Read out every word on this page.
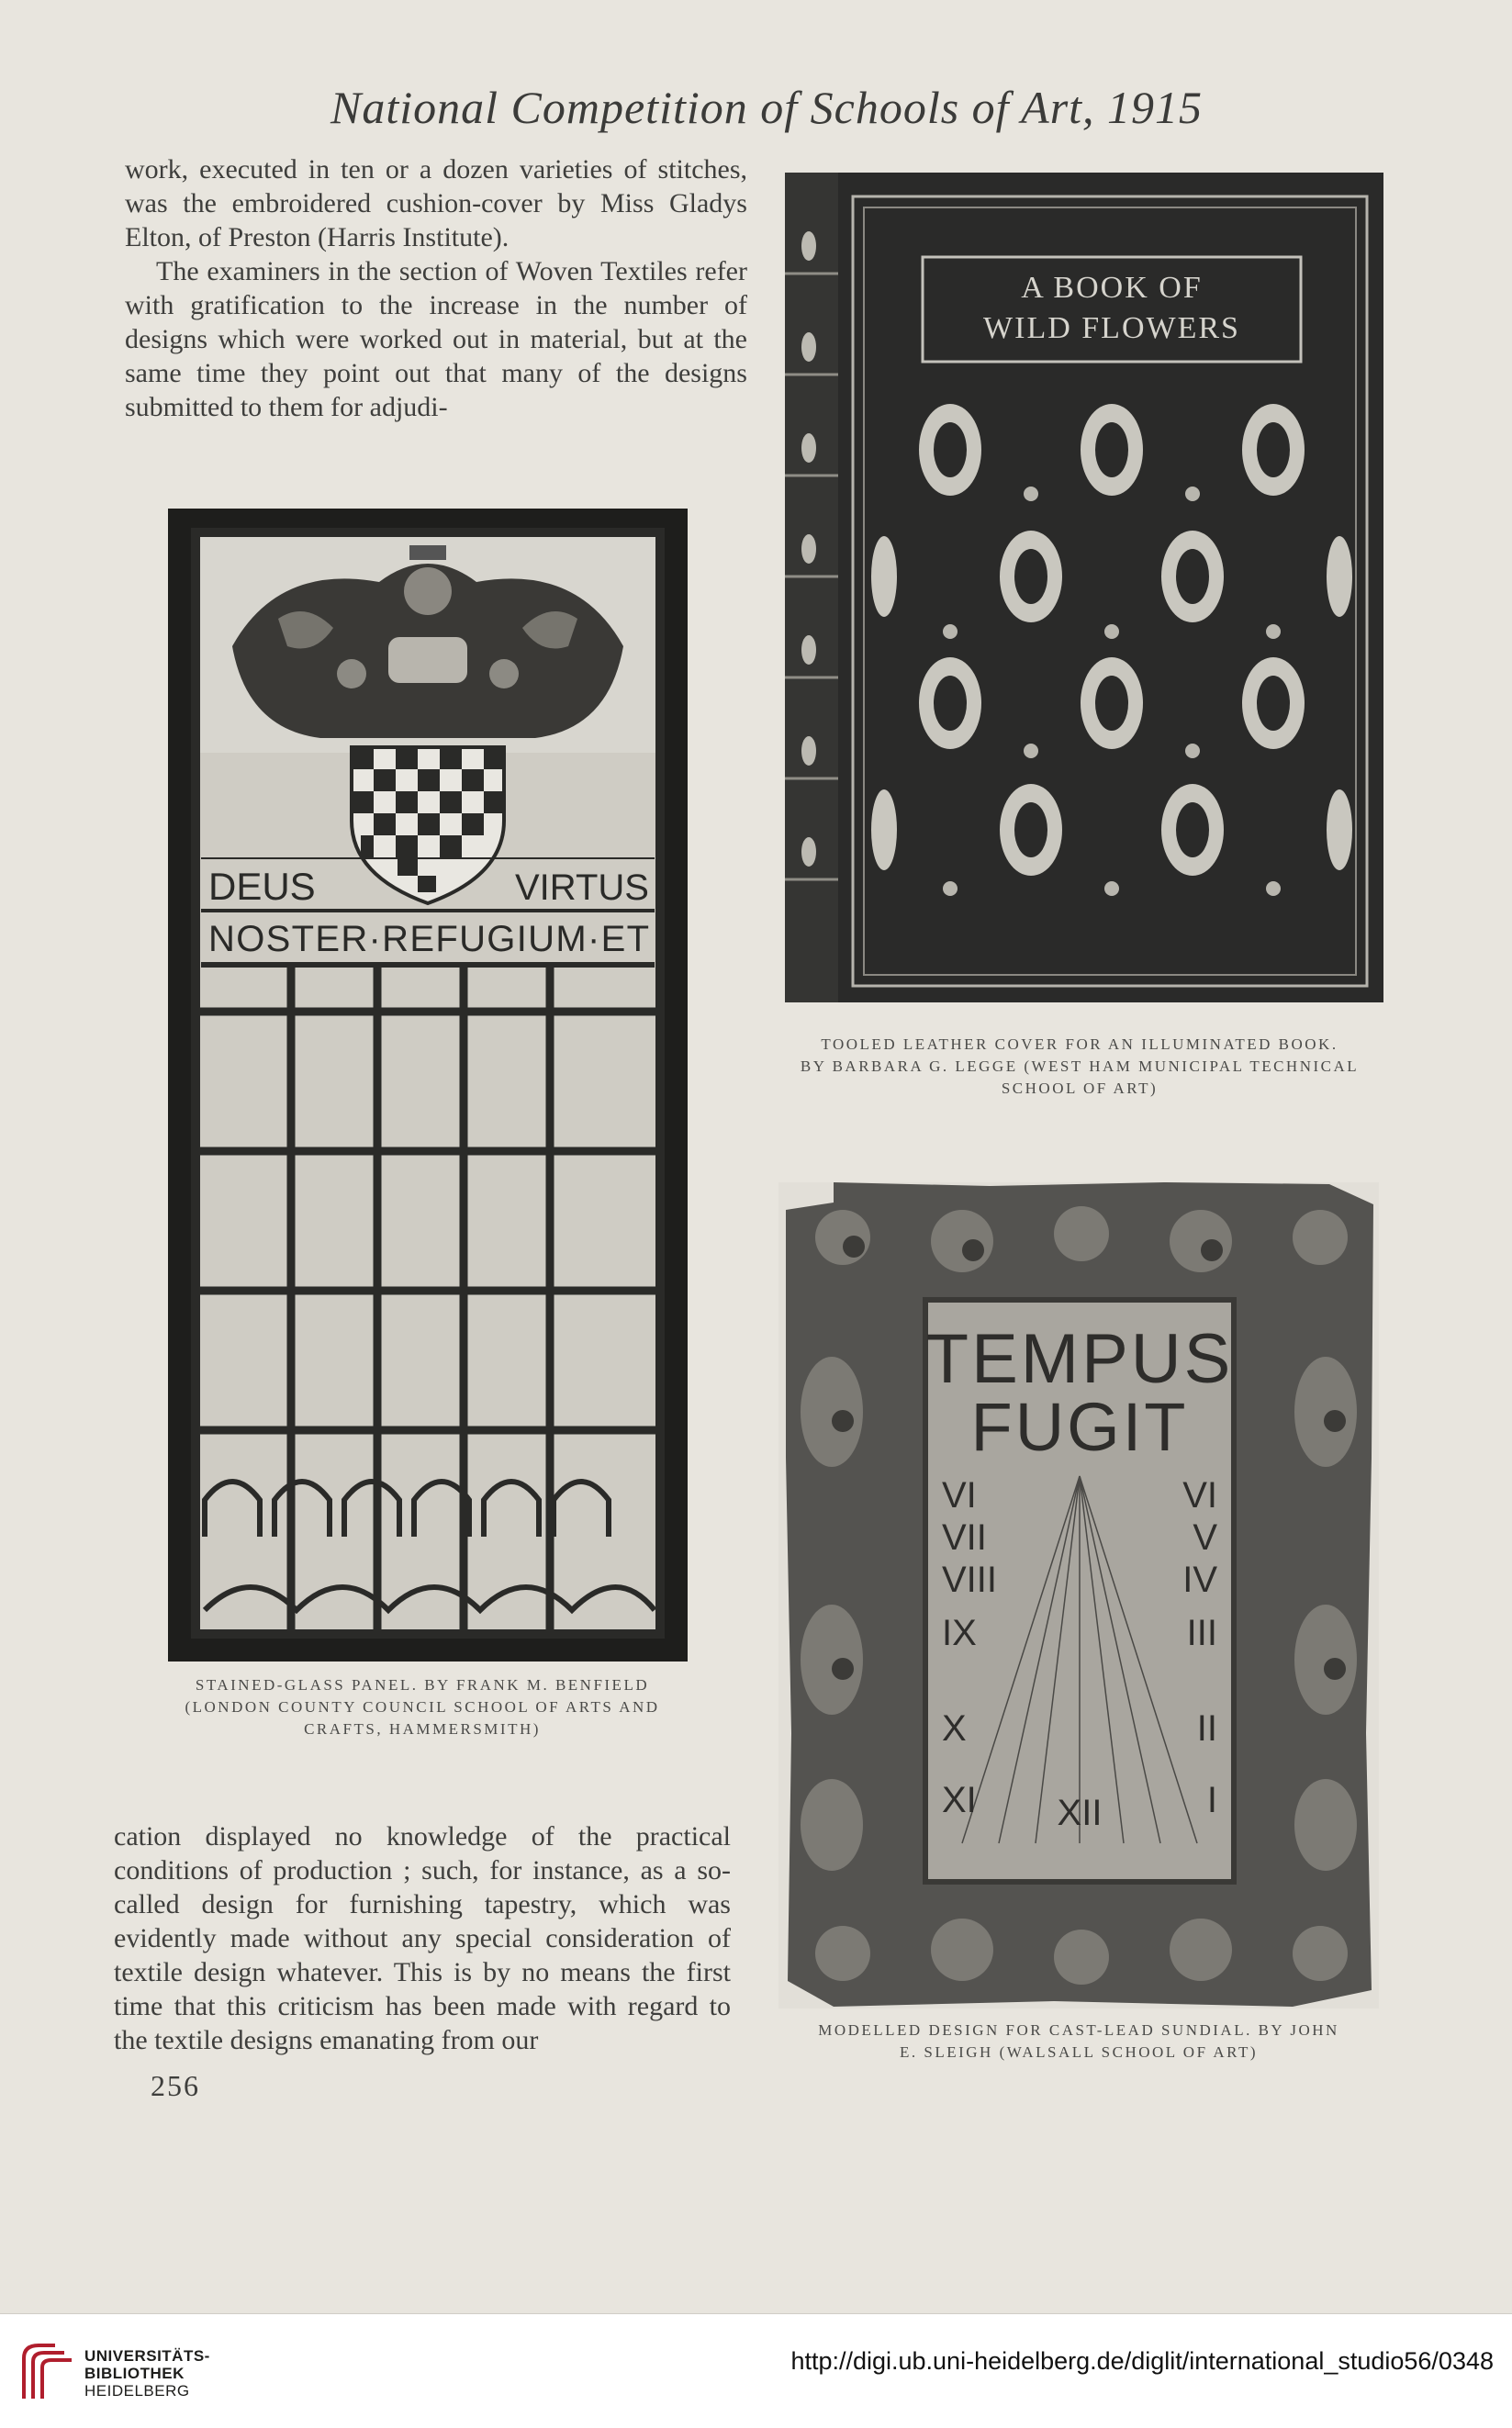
National Competition of Schools of Art, 1915

work, executed in ten or a dozen varieties of stitches, was the embroidered cushion-cover by Miss Gladys Elton, of Preston (Harris Institute).

The examiners in the section of Woven Textiles refer with gratification to the increase in the number of designs which were worked out in material, but at the same time they point out that many of the designs submitted to them for adjudi-

DEUS	VIRTUS
NOSTER·REFUGIUM·ET
STAINED-GLASS PANEL. BY FRANK M. BENFIELD
(LONDON COUNTY COUNCIL SCHOOL OF ARTS AND
CRAFTS, HAMMERSMITH)
A BOOK OF
WILD FLOWERS
TOOLED LEATHER COVER FOR AN ILLUMINATED BOOK.
BY BARBARA G. LEGGE (WEST HAM MUNICIPAL TECHNICAL
SCHOOL OF ART)
TEMPUS
FUGIT
VI
VII
VIII
IX
X
XI
VI
V
IV
III
II
I
XII
MODELLED DESIGN FOR CAST-LEAD SUNDIAL. BY JOHN
E. SLEIGH (WALSALL SCHOOL OF ART)

cation displayed no knowledge of the practical conditions of production ; such, for instance, as a so-called design for furnishing tapestry, which was evidently made without any special consideration of textile design whatever. This is by no means the first time that this criticism has been made with regard to the textile designs emanating from our

256
UNIVERSITÄTS-
BIBLIOTHEK
HEIDELBERG
http://digi.ub.uni-heidelberg.de/diglit/international_studio56/0348
